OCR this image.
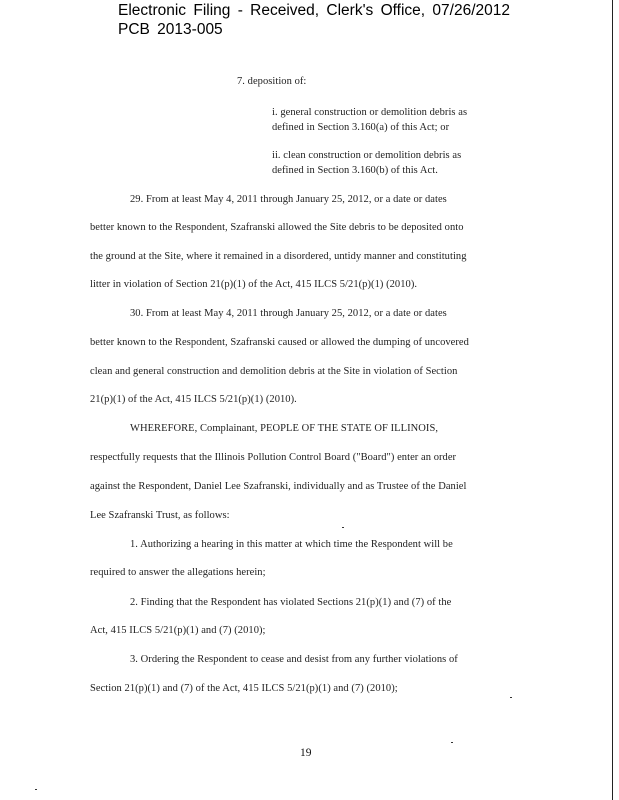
Electronic Filing - Received, Clerk's Office, 07/26/2012
PCB 2013-005
7. deposition of:
i. general construction or demolition debris as
defined in Section 3.160(a) of this Act; or
ii. clean construction or demolition debris as
defined in Section 3.160(b) of this Act.
29. From at least May 4, 2011 through January 25, 2012, or a date or dates
better known to the Respondent, Szafranski allowed the Site debris to be deposited onto
the ground at the Site, where it remained in a disordered, untidy manner and constituting
litter in violation of Section 21(p)(1) of the Act, 415 ILCS 5/21(p)(1) (2010).
30. From at least May 4, 2011 through January 25, 2012, or a date or dates
better known to the Respondent, Szafranski caused or allowed the dumping of uncovered
clean and general construction and demolition debris at the Site in violation of Section
21(p)(1) of the Act, 415 ILCS 5/21(p)(1) (2010).
WHEREFORE, Complainant, PEOPLE OF THE STATE OF ILLINOIS,
respectfully requests that the Illinois Pollution Control Board ("Board") enter an order
against the Respondent, Daniel Lee Szafranski, individually and as Trustee of the Daniel
Lee Szafranski Trust, as follows:
1. Authorizing a hearing in this matter at which time the Respondent will be
required to answer the allegations herein;
2. Finding that the Respondent has violated Sections 21(p)(1) and (7) of the
Act, 415 ILCS 5/21(p)(1) and (7) (2010);
3. Ordering the Respondent to cease and desist from any further violations of
Section 21(p)(1) and (7) of the Act, 415 ILCS 5/21(p)(1) and (7) (2010);
19
